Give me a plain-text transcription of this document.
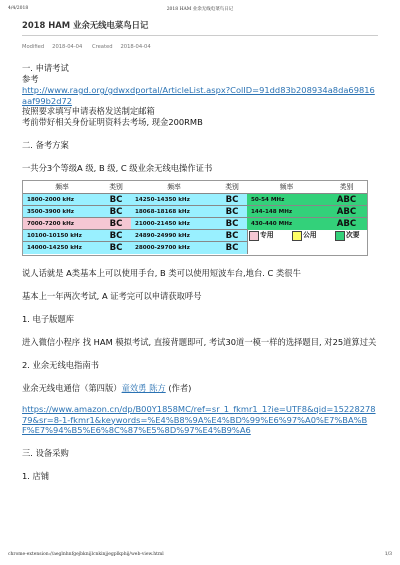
4/4/2018	2018 HAM 业余无线电菜鸟日记
2018 HAM 业余无线电菜鸟日记
Modified 2018-04-04 Created 2018-04-04
一. 申请考试
参考
http://www.ragd.org/gdwxdportal/ArticleList.aspx?ColID=91dd83b208934a8da69816aaf99b2d72
按照要求填写申请表格发送制定邮箱
考前带好相关身份证明资料去考场, 现金200RMB
二. 备考方案
一共分3个等级A 级, B 级, C 级业余无线电操作证书
频率	类别	频率	类别	频率	类别
1800-2000 kHz	BC	14250-14350 kHz	BC	50-54 MHz	ABC
3500-3900 kHz	BC	18068-18168 kHz	BC	144-148 MHz	ABC
7000-7200 kHz	BC	21000-21450 kHz	BC	430-440 MHz	ABC
10100-10150 kHz	BC	24890-24990 kHz	BC	专用	公用	次要
14000-14250 kHz	BC	28000-29700 kHz	BC
说人话就是 A类基本上可以使用手台, B 类可以使用短波车台,地台. C 类很牛
基本上一年两次考试, A 证考完可以申请获取呼号
1. 电子版题库
进入微信小程序 找 HAM 模拟考试, 直接背题即可, 考试30道一模一样的选择题目, 对25道算过关
2. 业余无线电指南书
业余无线电通信（第四版）童效勇 陈方 (作者)
https://www.amazon.cn/dp/B00Y1858MC/ref=sr_1_fkmr1_1?ie=UTF8&qid=1522827879&sr=8-1-fkmr1&keywords=%E4%B8%9A%E4%BD%99%E6%97%A0%E7%BA%BF%E7%94%B5%E6%8C%87%E5%8D%97%E4%B9%A6
三. 设备采购
1. 店铺
chrome-extension://aeglnhnfgejbknijlcnkinjjegplkphij/web-view.html	1/3
